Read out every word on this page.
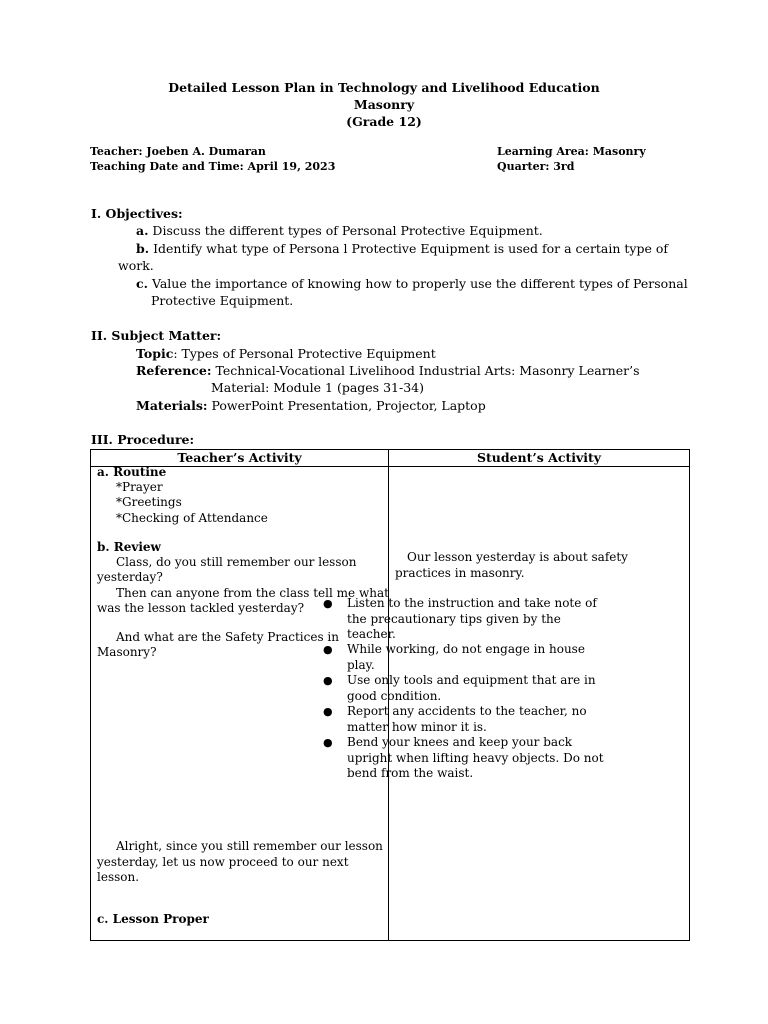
Detailed Lesson Plan in Technology and Livelihood Education
Masonry
(Grade 12)
Teacher: Joeben A. Dumaran
Teaching Date and Time: April 19, 2023
Learning Area: Masonry
Quarter: 3rd
I. Objectives:
a. Discuss the different types of Personal Protective Equipment.
b. Identify what type of Persona l Protective Equipment is used for a certain type of
work.
c. Value the importance of knowing how to properly use the different types of Personal
Protective Equipment.
II. Subject Matter:
Topic: Types of Personal Protective Equipment
Reference: Technical-Vocational Livelihood Industrial Arts: Masonry Learner’s
Material: Module 1 (pages 31-34)
Materials: PowerPoint Presentation, Projector, Laptop
III. Procedure:
Teacher’s Activity	Student’s Activity
a. Routine
*Prayer
*Greetings
*Checking of Attendance
b. Review
Class, do you still remember our lesson
yesterday?
Then can anyone from the class tell me what
was the lesson tackled yesterday?
And what are the Safety Practices in
Masonry?
Alright, since you still remember our lesson
yesterday, let us now proceed to our next
lesson.
c. Lesson Proper
Our lesson yesterday is about safety
practices in masonry.
● Listen to the instruction and take note of the precautionary tips given by the teacher.
● While working, do not engage in house play.
● Use only tools and equipment that are in good condition.
● Report any accidents to the teacher, no matter how minor it is.
● Bend your knees and keep your back upright when lifting heavy objects. Do not bend from the waist.
